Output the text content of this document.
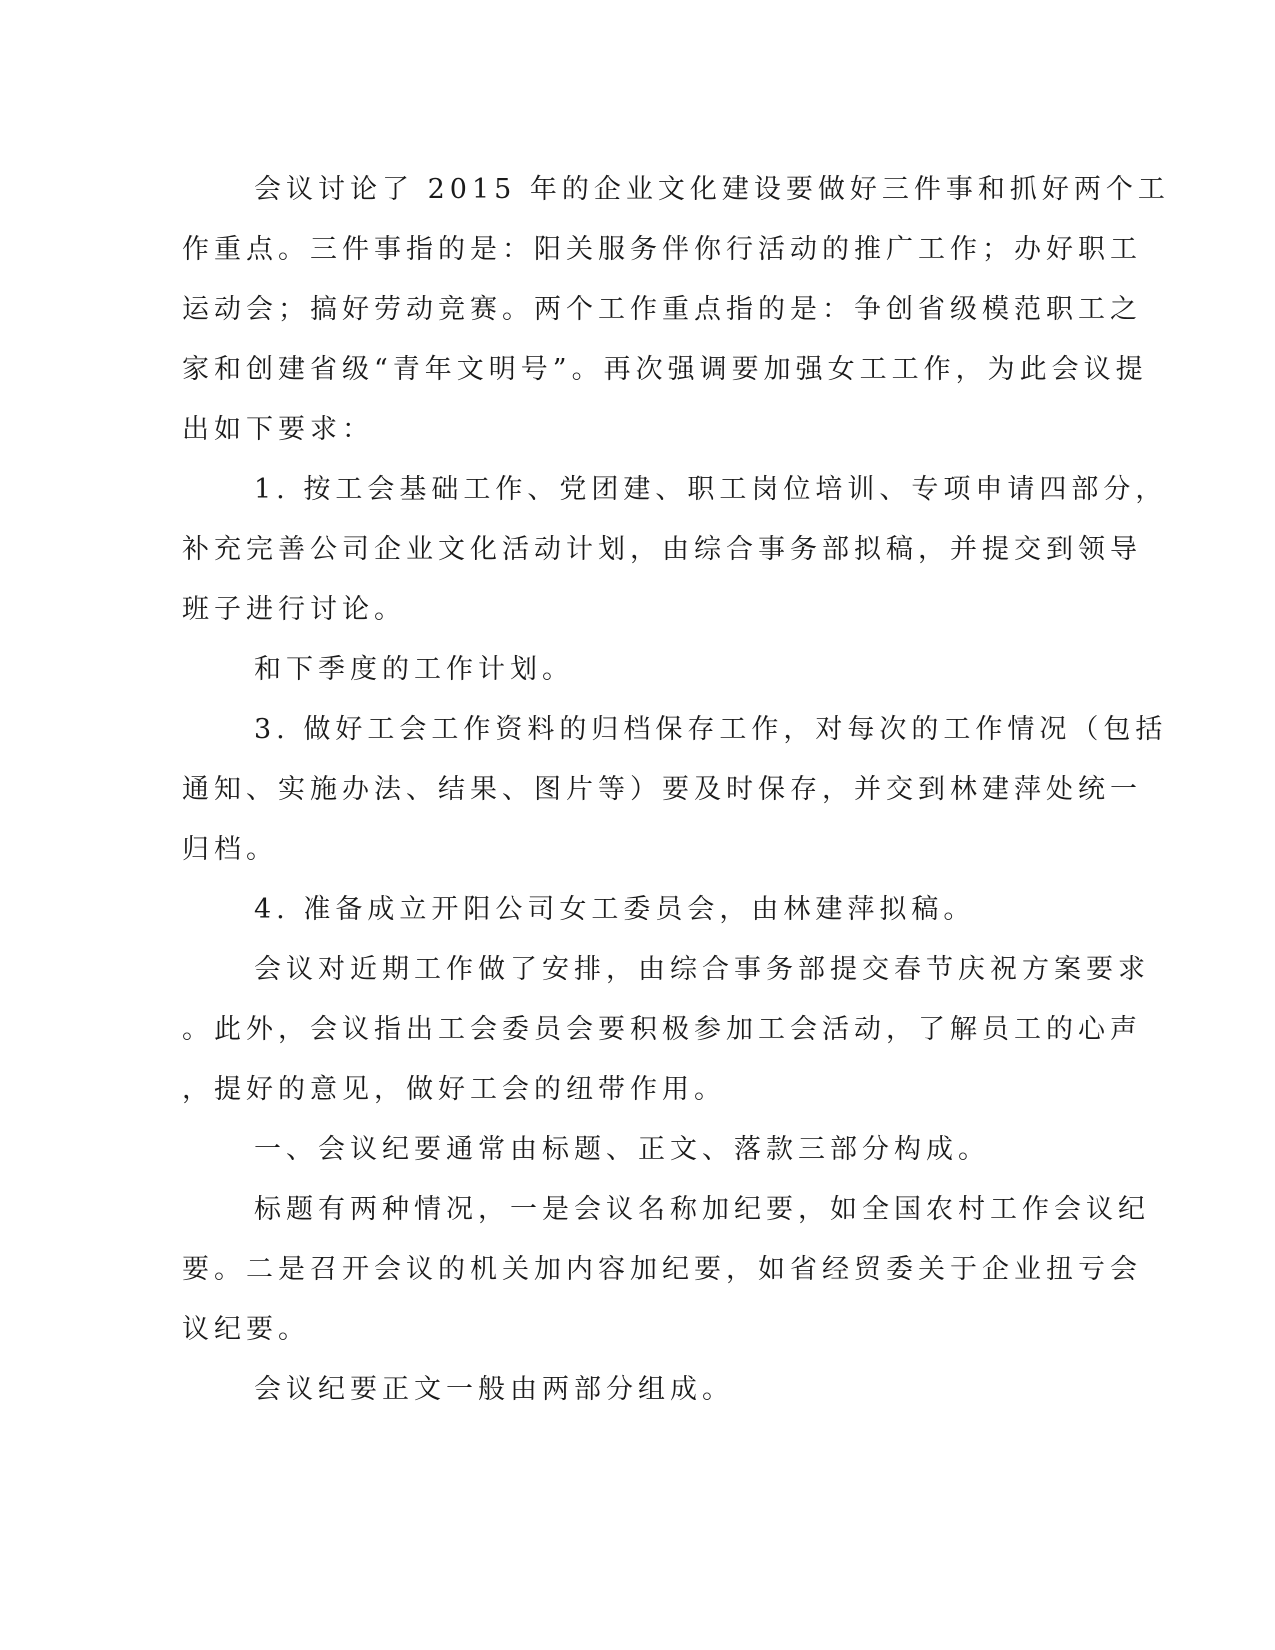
会议讨论了 2015 年的企业文化建设要做好三件事和抓好两个工

作重点。三件事指的是：阳关服务伴你行活动的推广工作；办好职工

运动会；搞好劳动竞赛。两个工作重点指的是：争创省级模范职工之

家和创建省级“青年文明号”。再次强调要加强女工工作，为此会议提

出如下要求：

1. 按工会基础工作、党团建、职工岗位培训、专项申请四部分，

补充完善公司企业文化活动计划，由综合事务部拟稿，并提交到领导

班子进行讨论。

和下季度的工作计划。

3. 做好工会工作资料的归档保存工作，对每次的工作情况（包括

通知、实施办法、结果、图片等）要及时保存，并交到林建萍处统一

归档。

4. 准备成立开阳公司女工委员会，由林建萍拟稿。

会议对近期工作做了安排，由综合事务部提交春节庆祝方案要求

。此外，会议指出工会委员会要积极参加工会活动，了解员工的心声

，提好的意见，做好工会的纽带作用。

一、会议纪要通常由标题、正文、落款三部分构成。

标题有两种情况，一是会议名称加纪要，如全国农村工作会议纪

要。二是召开会议的机关加内容加纪要，如省经贸委关于企业扭亏会

议纪要。

会议纪要正文一般由两部分组成。
